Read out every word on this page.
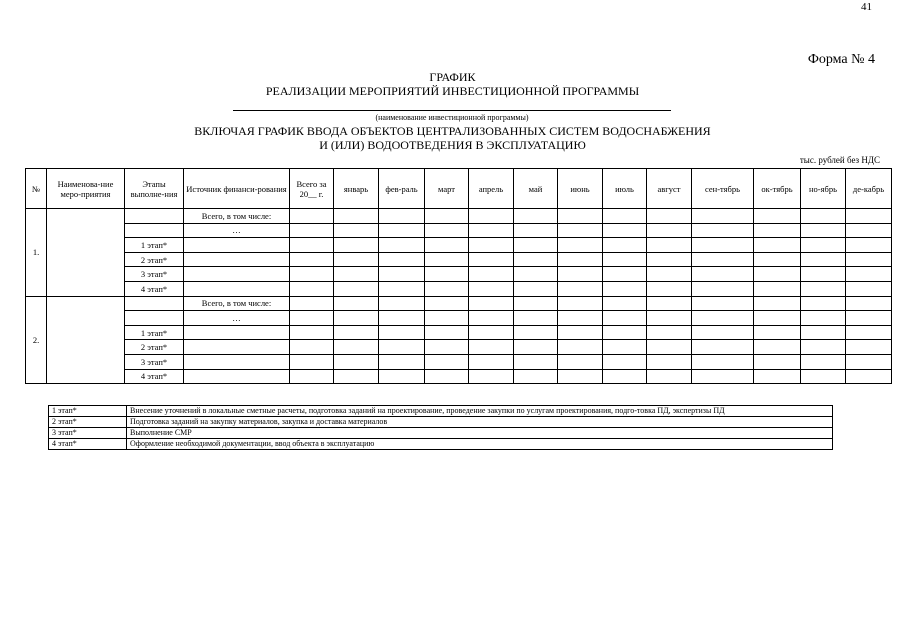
41
Форма № 4
ГРАФИК
РЕАЛИЗАЦИИ МЕРОПРИЯТИЙ ИНВЕСТИЦИОННОЙ ПРОГРАММЫ
(наименование инвестиционной программы)
ВКЛЮЧАЯ ГРАФИК ВВОДА ОБЪЕКТОВ ЦЕНТРАЛИЗОВАННЫХ СИСТЕМ ВОДОСНАБЖЕНИЯ
И (ИЛИ) ВОДООТВЕДЕНИЯ В ЭКСПЛУАТАЦИЮ
тыс. рублей без НДС
№	Наименова-ние меро-приятия	Этапы выполне-ния	Источник финанси-рования	Всего за 20__ г.	январь	фев-раль	март	апрель	май	июнь	июль	август	сен-тябрь	ок-тябрь	но-ябрь	де-кабрь
1.			Всего, в том числе:													
			…													
		1 этап*														
		2 этап*														
		3 этап*														
		4 этап*														
2.			Всего, в том числе:													
			…													
		1 этап*														
		2 этап*														
		3 этап*														
		4 этап*														
1 этап*	Внесение уточнений в локальные сметные расчеты, подготовка заданий на проектирование, проведение закупки по услугам проектирования, подго-товка ПД, экспертизы ПД
2 этап*	Подготовка заданий на закупку материалов, закупка и доставка материалов
3 этап*	Выполнение СМР
4 этап*	Оформление необходимой документации, ввод объекта в эксплуатацию
